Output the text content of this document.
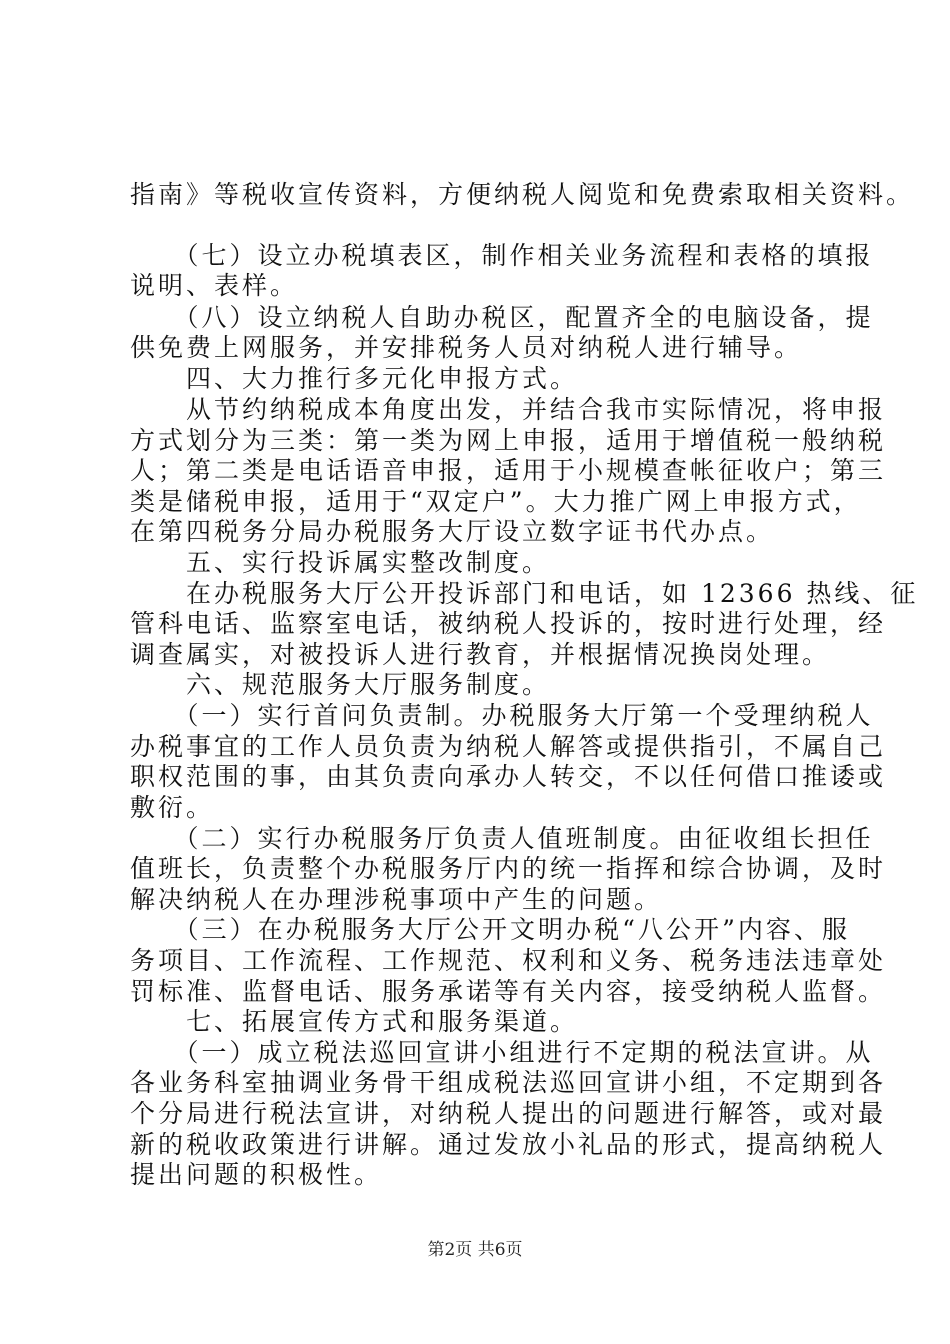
指南》等税收宣传资料，方便纳税人阅览和免费索取相关资料。
　　（七）设立办税填表区，制作相关业务流程和表格的填报
说明、表样。
　　（八）设立纳税人自助办税区，配置齐全的电脑设备，提
供免费上网服务，并安排税务人员对纳税人进行辅导。
　　四、大力推行多元化申报方式。
　　从节约纳税成本角度出发，并结合我市实际情况，将申报
方式划分为三类：第一类为网上申报，适用于增值税一般纳税
人；第二类是电话语音申报，适用于小规模查帐征收户；第三
类是储税申报，适用于“双定户”。大力推广网上申报方式，
在第四税务分局办税服务大厅设立数字证书代办点。
　　五、实行投诉属实整改制度。
　　在办税服务大厅公开投诉部门和电话，如 12366 热线、征
管科电话、监察室电话，被纳税人投诉的，按时进行处理，经
调查属实，对被投诉人进行教育，并根据情况换岗处理。
　　六、规范服务大厅服务制度。
　　（一）实行首问负责制。办税服务大厅第一个受理纳税人
办税事宜的工作人员负责为纳税人解答或提供指引，不属自己
职权范围的事，由其负责向承办人转交，不以任何借口推诿或
敷衍。
　　（二）实行办税服务厅负责人值班制度。由征收组长担任
值班长，负责整个办税服务厅内的统一指挥和综合协调，及时
解决纳税人在办理涉税事项中产生的问题。
　　（三）在办税服务大厅公开文明办税“八公开”内容、服
务项目、工作流程、工作规范、权利和义务、税务违法违章处
罚标准、监督电话、服务承诺等有关内容，接受纳税人监督。
　　七、拓展宣传方式和服务渠道。
　　（一）成立税法巡回宣讲小组进行不定期的税法宣讲。从
各业务科室抽调业务骨干组成税法巡回宣讲小组，不定期到各
个分局进行税法宣讲，对纳税人提出的问题进行解答，或对最
新的税收政策进行讲解。通过发放小礼品的形式，提高纳税人
提出问题的积极性。
第2页 共6页
